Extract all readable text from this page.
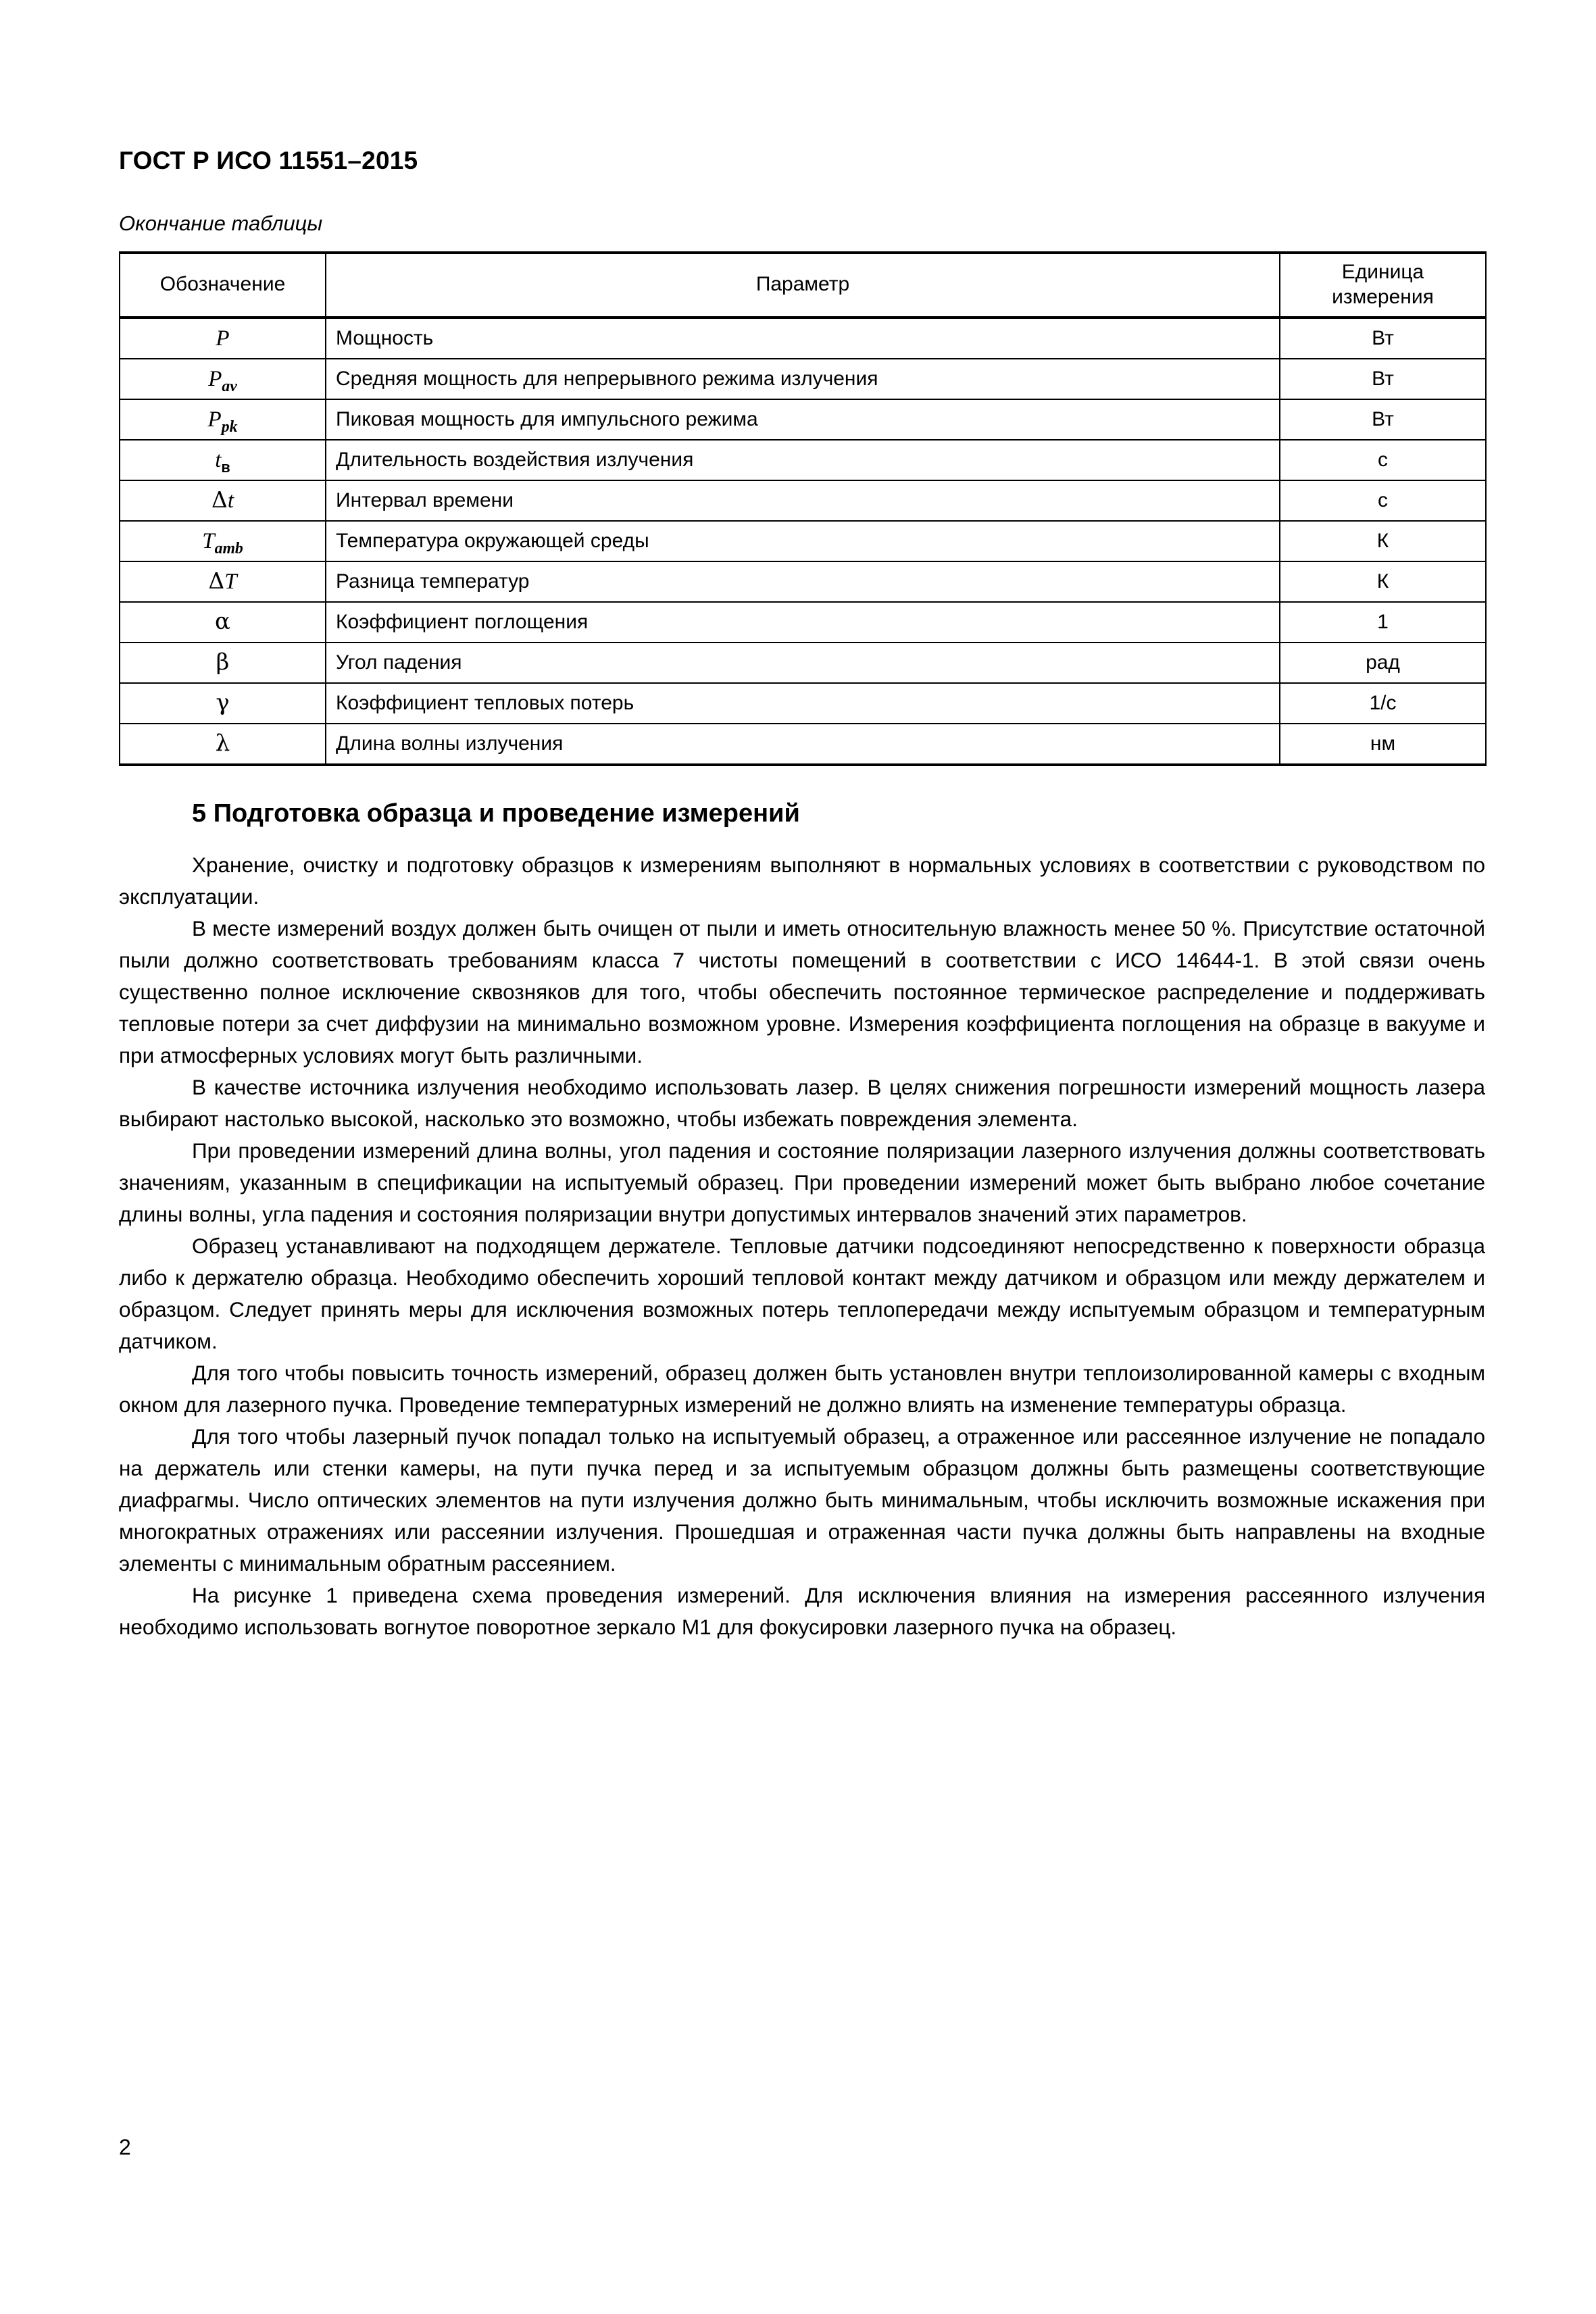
ГОСТ Р ИСО 11551–2015
Окончание таблицы
Обозначение	Параметр	Единица
измерения
P	Мощность	Вт
$P_{av}$	Средняя мощность для непрерывного режима излучения	Вт
$P_{pk}$	Пиковая мощность для импульсного режима	Вт
$t_в$	Длительность воздействия излучения	с
Δt	Интервал времени	с
$T_{amb}$	Температура окружающей среды	К
ΔT	Разница температур	К
α	Коэффициент поглощения	1
β	Угол падения	рад
γ	Коэффициент тепловых потерь	1/с
λ	Длина волны излучения	нм
5 Подготовка образца и проведение измерений

Хранение, очистку и подготовку образцов к измерениям выполняют в нормальных условиях в соответствии с руководством по эксплуатации.

В месте измерений воздух должен быть очищен от пыли и иметь относительную влажность менее 50 %. Присутствие остаточной пыли должно соответствовать требованиям класса 7 чистоты помещений в соответствии с ИСО 14644-1. В этой связи очень существенно полное исключение сквозняков для того, чтобы обеспечить постоянное термическое распределение и поддерживать тепловые потери за счет диффузии на минимально возможном уровне. Измерения коэффициента поглощения на образце в вакууме и при атмосферных условиях могут быть различными.

В качестве источника излучения необходимо использовать лазер. В целях снижения погрешности измерений мощность лазера выбирают настолько высокой, насколько это возможно, чтобы избежать повреждения элемента.

При проведении измерений длина волны, угол падения и состояние поляризации лазерного излучения должны соответствовать значениям, указанным в спецификации на испытуемый образец. При проведении измерений может быть выбрано любое сочетание длины волны, угла падения и состояния поляризации внутри допустимых интервалов значений этих параметров.

Образец устанавливают на подходящем держателе. Тепловые датчики подсоединяют непосредственно к поверхности образца либо к держателю образца. Необходимо обеспечить хороший тепловой контакт между датчиком и образцом или между держателем и образцом. Следует принять меры для исключения возможных потерь теплопередачи между испытуемым образцом и температурным датчиком.

Для того чтобы повысить точность измерений, образец должен быть установлен внутри теплоизолированной камеры с входным окном для лазерного пучка. Проведение температурных измерений не должно влиять на изменение температуры образца.

Для того чтобы лазерный пучок попадал только на испытуемый образец, а отраженное или рассеянное излучение не попадало на держатель или стенки камеры, на пути пучка перед и за испытуемым образцом должны быть размещены соответствующие диафрагмы. Число оптических элементов на пути излучения должно быть минимальным, чтобы исключить возможные искажения при многократных отражениях или рассеянии излучения. Прошедшая и отраженная части пучка должны быть направлены на входные элементы с минимальным обратным рассеянием.

На рисунке 1 приведена схема проведения измерений. Для исключения влияния на измерения рассеянного излучения необходимо использовать вогнутое поворотное зеркало М1 для фокусировки лазерного пучка на образец.

2
